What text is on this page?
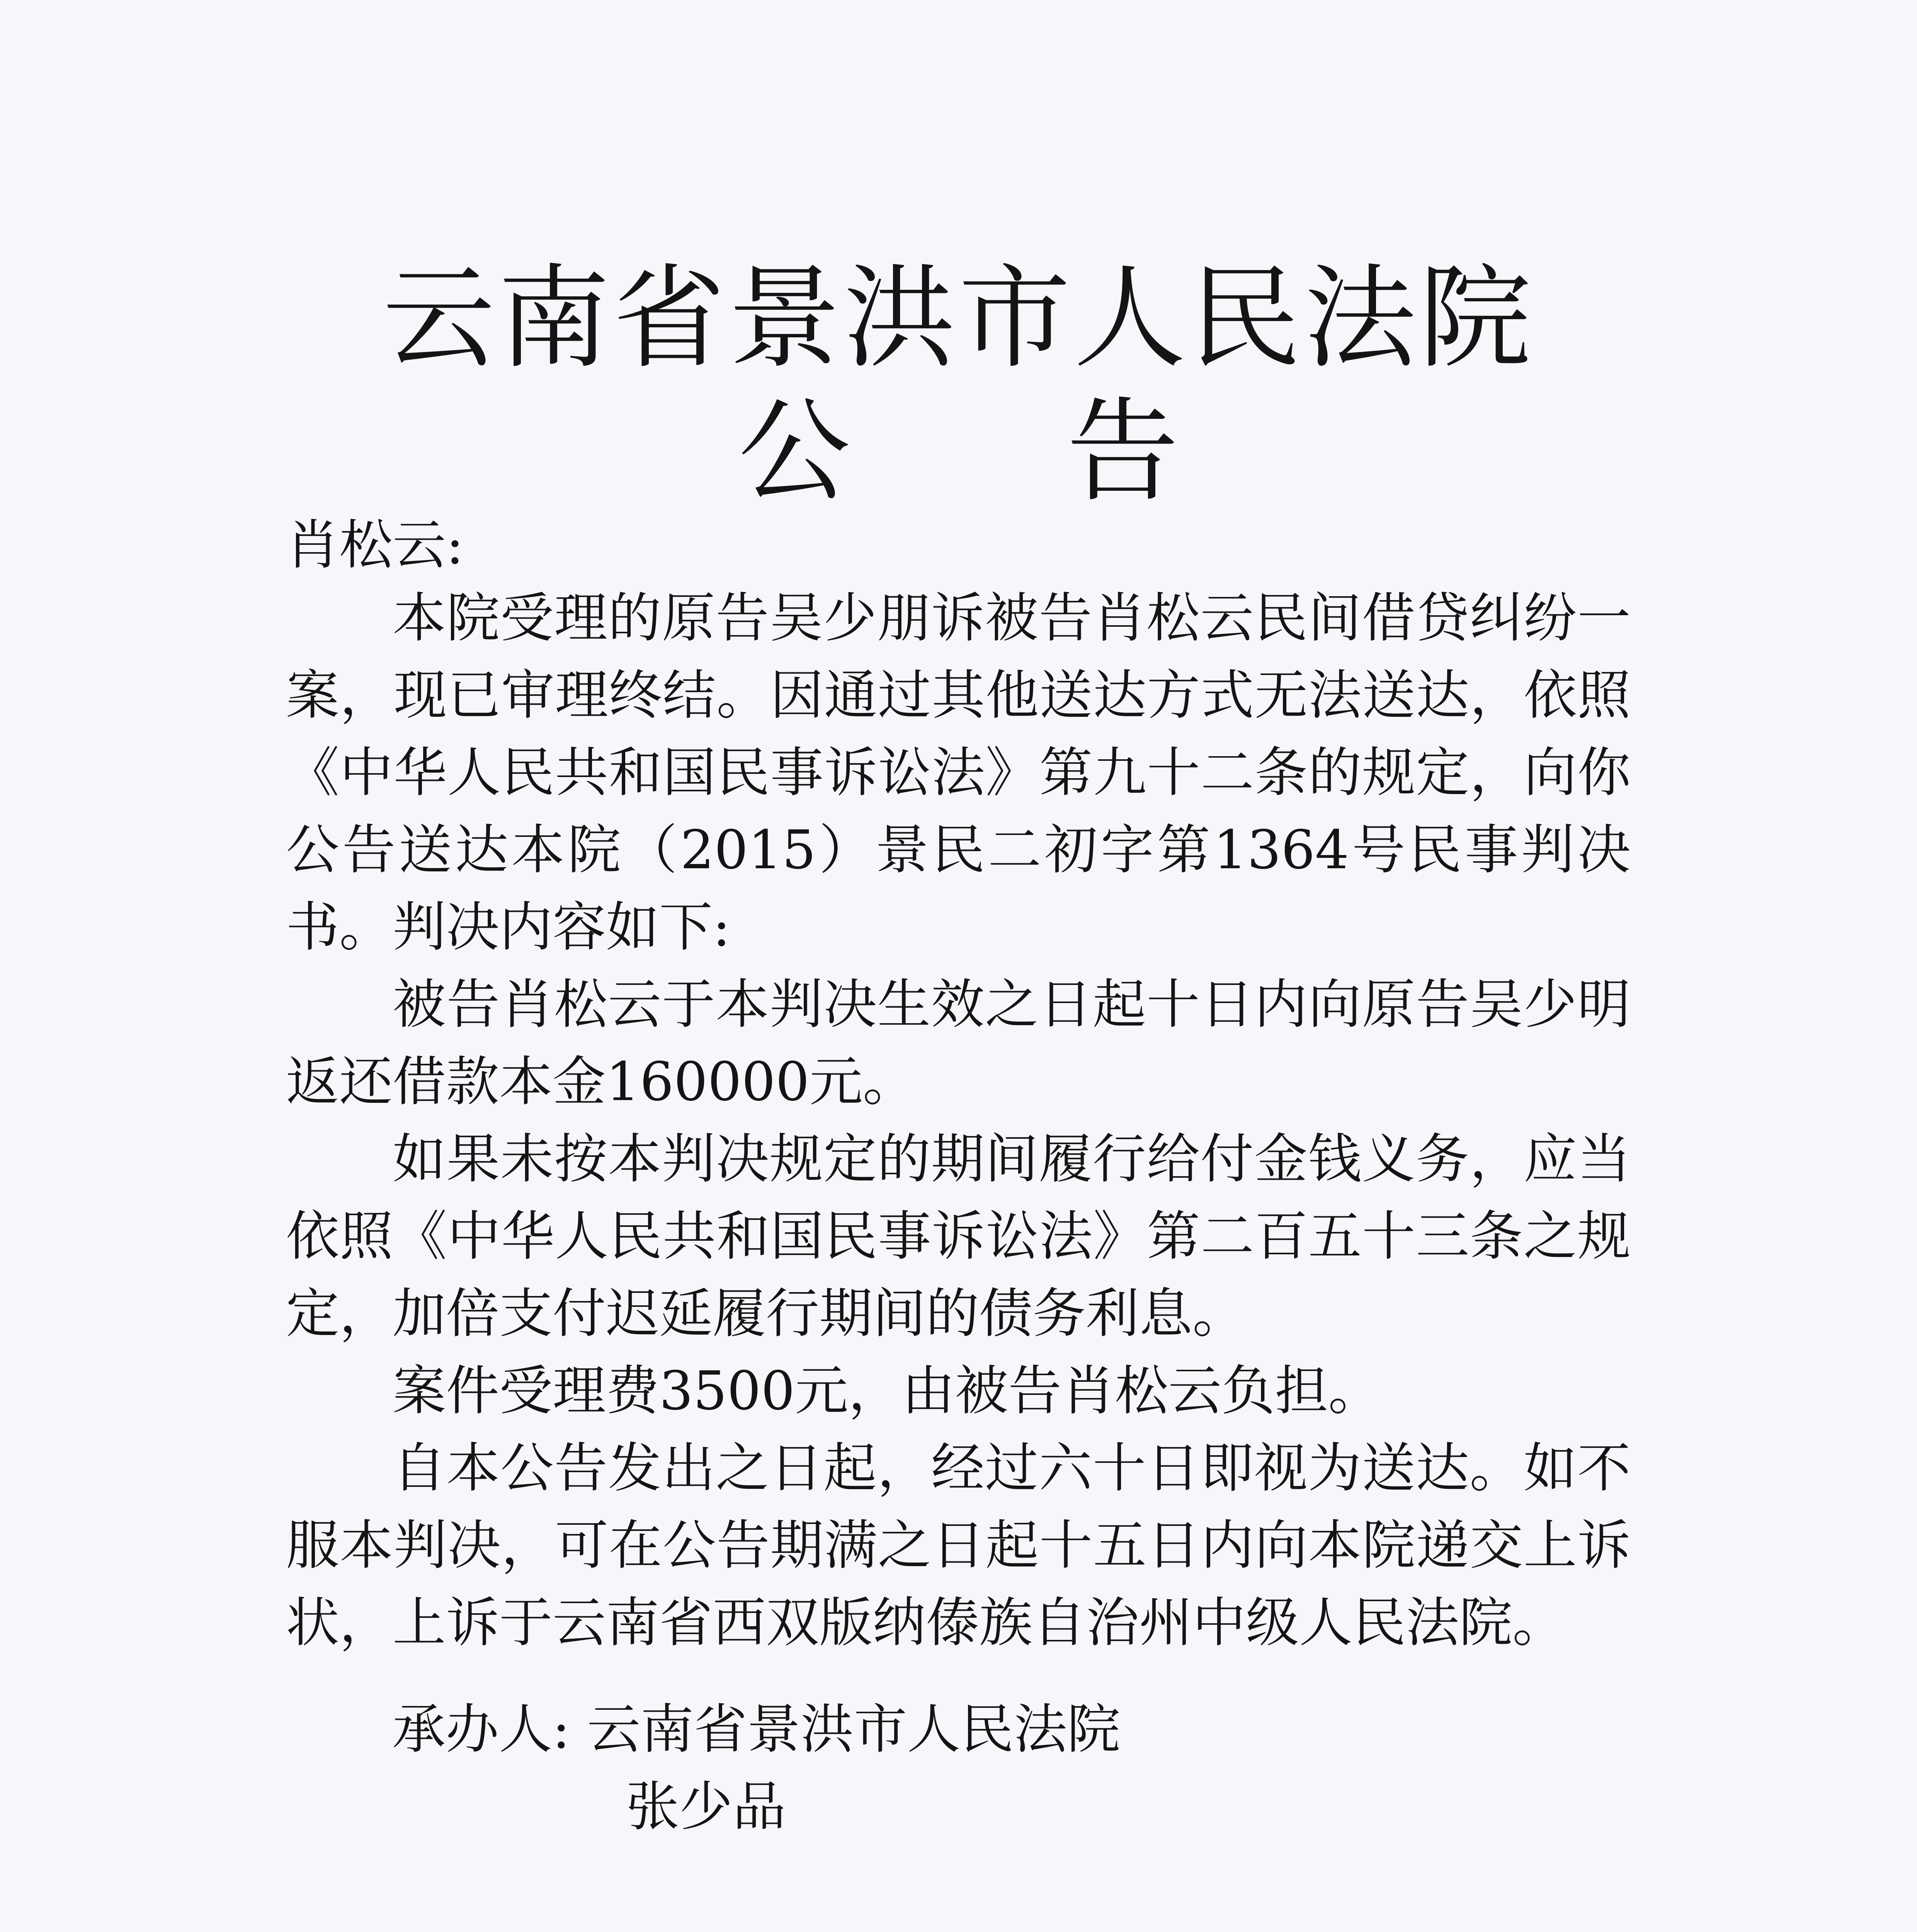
云南省景洪市人民法院
公告

肖松云:

本院受理的原告吴少朋诉被告肖松云民间借贷纠纷一案，现已审理终结。因通过其他送达方式无法送达，依照《中华人民共和国民事诉讼法》第九十二条的规定，向你公告送达本院（2015）景民二初字第1364号民事判决书。判决内容如下:

被告肖松云于本判决生效之日起十日内向原告吴少明返还借款本金160000元。

如果未按本判决规定的期间履行给付金钱义务，应当依照《中华人民共和国民事诉讼法》第二百五十三条之规定，加倍支付迟延履行期间的债务利息。

案件受理费3500元，由被告肖松云负担。

自本公告发出之日起，经过六十日即视为送达。如不服本判决，可在公告期满之日起十五日内向本院递交上诉状，上诉于云南省西双版纳傣族自治州中级人民法院。

承办人: 云南省景洪市人民法院

张少品
